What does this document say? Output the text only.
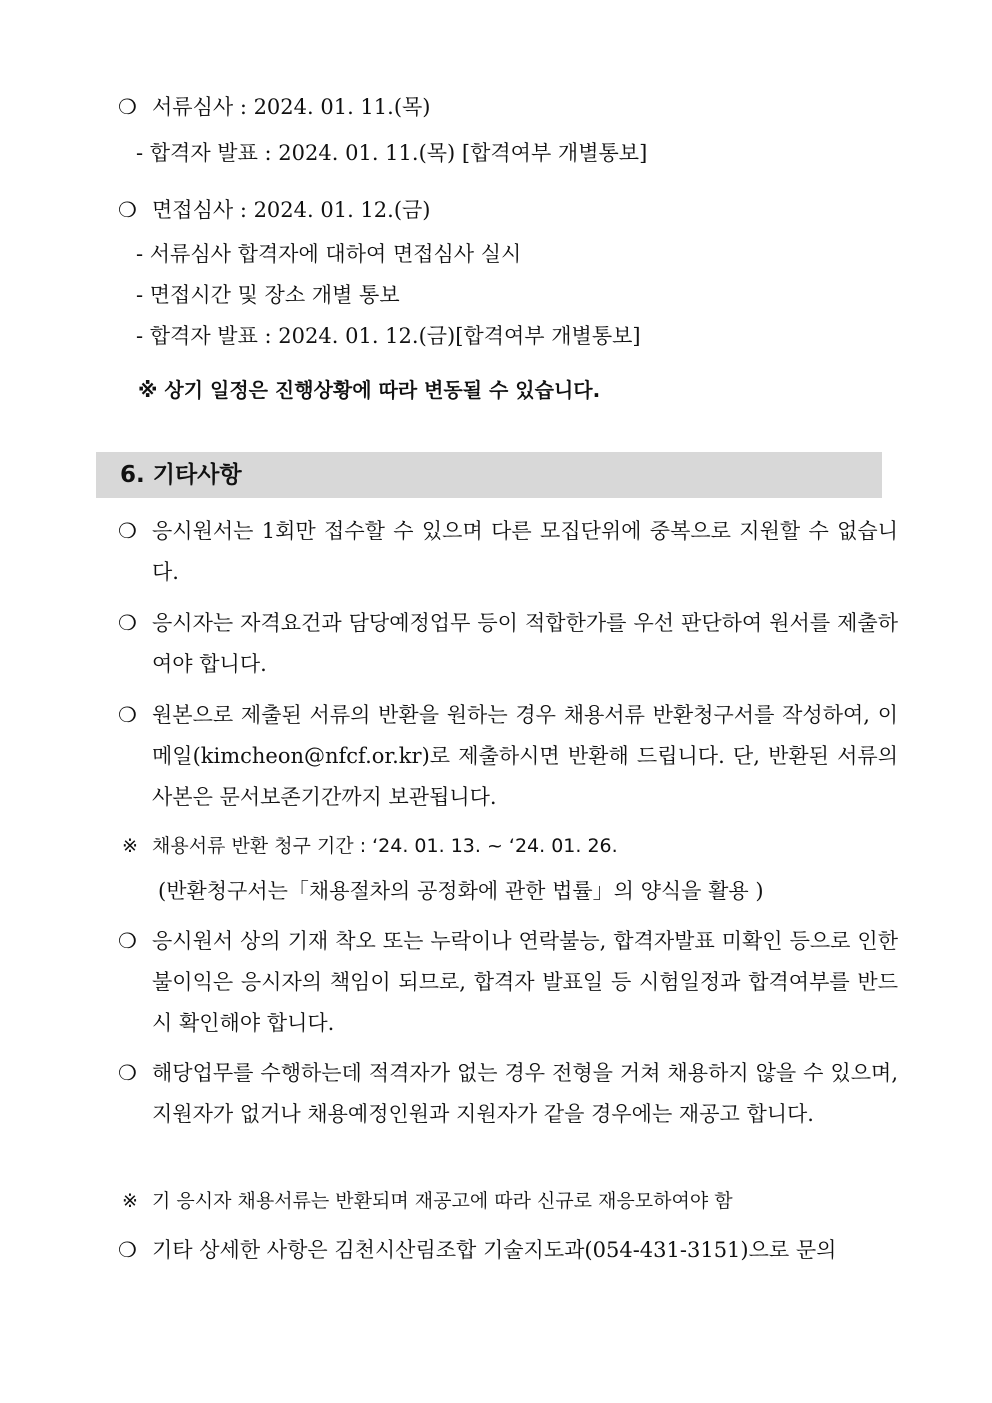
❍ 서류심사 : 2024. 01. 11.(목)
- 합격자 발표 : 2024. 01. 11.(목) [합격여부 개별통보]
❍ 면접심사 : 2024. 01. 12.(금)
- 서류심사 합격자에 대하여 면접심사 실시
- 면접시간 및 장소 개별 통보
- 합격자 발표 : 2024. 01. 12.(금)[합격여부 개별통보]
※ 상기 일정은 진행상황에 따라 변동될 수 있습니다.
6. 기타사항
❍ 응시원서는 1회만 접수할 수 있으며 다른 모집단위에 중복으로 지원할 수 없습니다.
❍ 응시자는 자격요건과 담당예정업무 등이 적합한가를 우선 판단하여 원서를 제출하여야 합니다.
❍ 원본으로 제출된 서류의 반환을 원하는 경우 채용서류 반환청구서를 작성하여, 이메일(kimcheon@nfcf.or.kr)로 제출하시면 반환해 드립니다. 단, 반환된 서류의 사본은 문서보존기간까지 보관됩니다.
※ 채용서류 반환 청구 기간 : ‘24. 01. 13. ~ ‘24. 01. 26.
(반환청구서는「채용절차의 공정화에 관한 법률」의 양식을 활용 )
❍ 응시원서 상의 기재 착오 또는 누락이나 연락불능, 합격자발표 미확인 등으로 인한 불이익은 응시자의 책임이 되므로, 합격자 발표일 등 시험일정과 합격여부를 반드시 확인해야 합니다.
❍ 해당업무를 수행하는데 적격자가 없는 경우 전형을 거쳐 채용하지 않을 수 있으며, 지원자가 없거나 채용예정인원과 지원자가 같을 경우에는 재공고 합니다.
※ 기 응시자 채용서류는 반환되며 재공고에 따라 신규로 재응모하여야 함
❍ 기타 상세한 사항은 김천시산림조합 기술지도과(054-431-3151)으로 문의
